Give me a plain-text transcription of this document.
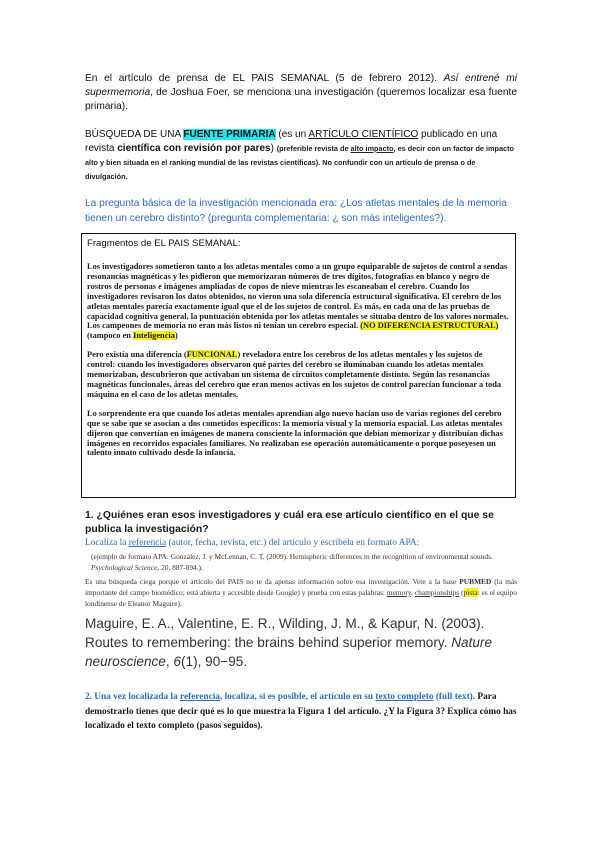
En el artículo de prensa de EL PAIS SEMANAL (5 de febrero 2012). Así entrené mi supermemoria, de Joshua Foer, se menciona una investigación (queremos localizar esa fuente primaria).
BÚSQUEDA DE UNA FUENTE PRIMARIA (es un ARTÍCULO CIENTÍFICO publicado en una revista científica con revisión por pares) (preferible revista de alto impacto, es decir con un factor de impacto alto y bien situada en el ranking mundial de las revistas científicas). No confundir con un artículo de prensa o de divulgación.
La pregunta básica de la investigación mencionada era: ¿Los atletas mentales de la memoria tienen un cerebro distinto? (pregunta complementaria: ¿ son más inteligentes?).
Fragmentos de EL PAIS SEMANAL:
Los investigadores sometieron tanto a los atletas mentales como a un grupo equiparable de sujetos de control a sendas resonancias magnéticas y les pidieron que memorizaran números de tres dígitos, fotografías en blanco y negro de rostros de personas e imágenes ampliadas de copos de nieve mientras les escaneaban el cerebro. Cuando los investigadores revisaron los datos obtenidos, no vieron una sola diferencia estructural significativa. El cerebro de los atletas mentales parecía exactamente igual que el de los sujetos de control. Es más, en cada una de las pruebas de capacidad cognitiva general, la puntuación obtenida por los atletas mentales se situaba dentro de los valores normales. Los campeones de memoria no eran más listos ni tenían un cerebro especial. (NO DIFERENCIA ESTRUCTURAL) (tampoco en Inteligencia)
Pero existía una diferencia (FUNCIONAL) reveladora entre los cerebros de los atletas mentales y los sujetos de control: cuando los investigadores observaron qué partes del cerebro se iluminaban cuando los atletas mentales memorizaban, descubrieron que activaban un sistema de circuitos completamente distinto. Según las resonancias magnéticas funcionales, áreas del cerebro que eran menos activas en los sujetos de control parecían funcionar a toda máquina en el caso de los atletas mentales.
Lo sorprendente era que cuando los atletas mentales aprendían algo nuevo hacían uso de varias regiones del cerebro que se sabe que se asocian a dos cometidos específicos: la memoria visual y la memoria espacial. Los atletas mentales dijeron que convertían en imágenes de manera consciente la información que debían memorizar y distribuían dichas imágenes en recorridos espaciales familiares. No realizaban ese operación automáticamente o porque poseyesen un talento innato cultivado desde la infancia.
1. ¿Quiénes eran esos investigadores y cuál era ese artículo científico en el que se publica la investigación?
Localiza la referencia (autor, fecha, revista, etc.) del artículo y escríbela en formato APA:
(ejemplo de formato APA: González, J. y McLennan, C. T. (2009). Hemispheric differences in the recognition of environmental sounds. Psychological Science, 20, 887-894.).
Es una búsqueda ciega porque el artículo del PAIS no te da apenas información sobre esa investigación. Vete a la base PUBMED (la más importante del campo biomédico; está abierta y accesible desde Google) y prueba con estas palabras: memory, championships (pista: es el equipo londinense de Eleanor Maguire).
Maguire, E. A., Valentine, E. R., Wilding, J. M., & Kapur, N. (2003). Routes to remembering: the brains behind superior memory. Nature neuroscience, 6(1), 90−95.
2. Una vez localizada la referencia, localiza, si es posible, el artículo en su texto completo (full text). Para demostrarlo tienes que decir qué es lo que muestra la Figura 1 del artículo. ¿Y la Figura 3? Explica cómo has localizado el texto completo (pasos seguidos).
